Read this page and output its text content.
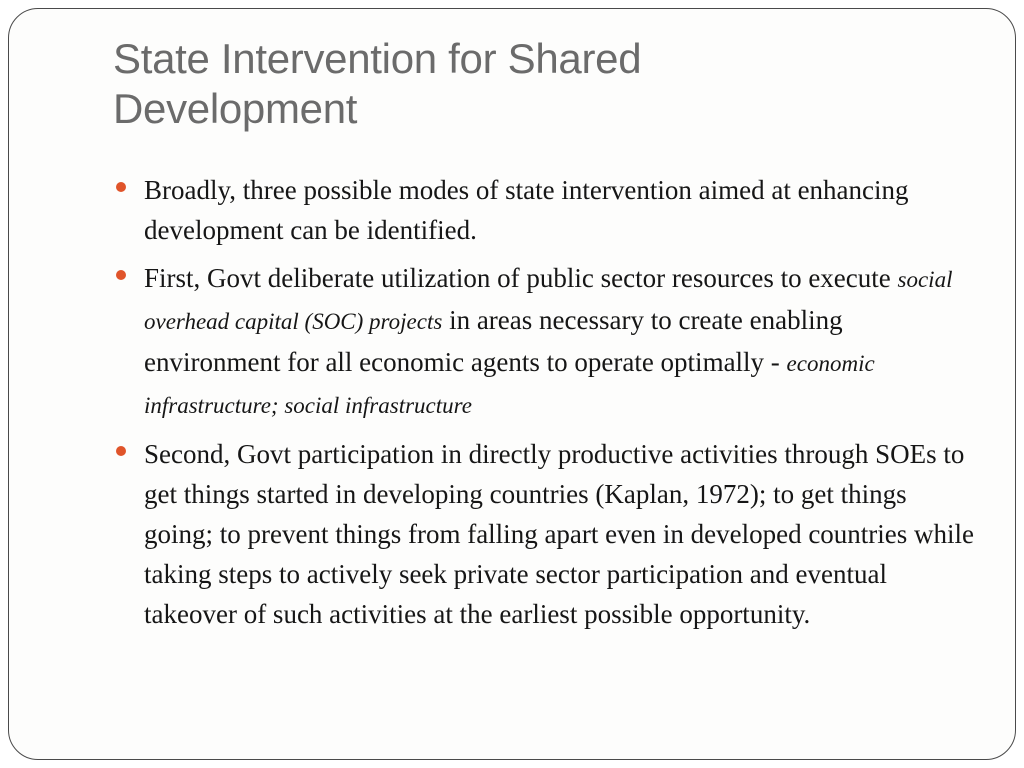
State Intervention for Shared Development
Broadly, three possible modes of state intervention aimed at enhancing development can be identified.
First, Govt deliberate utilization of public sector resources to execute social overhead capital (SOC) projects in areas necessary to create enabling environment for all economic agents to operate optimally - economic infrastructure; social infrastructure
Second, Govt participation in directly productive activities through SOEs to get things started in developing countries (Kaplan, 1972); to get things going; to prevent things from falling apart even in developed countries while taking steps to actively seek private sector participation and eventual takeover of such activities at the earliest possible opportunity.
